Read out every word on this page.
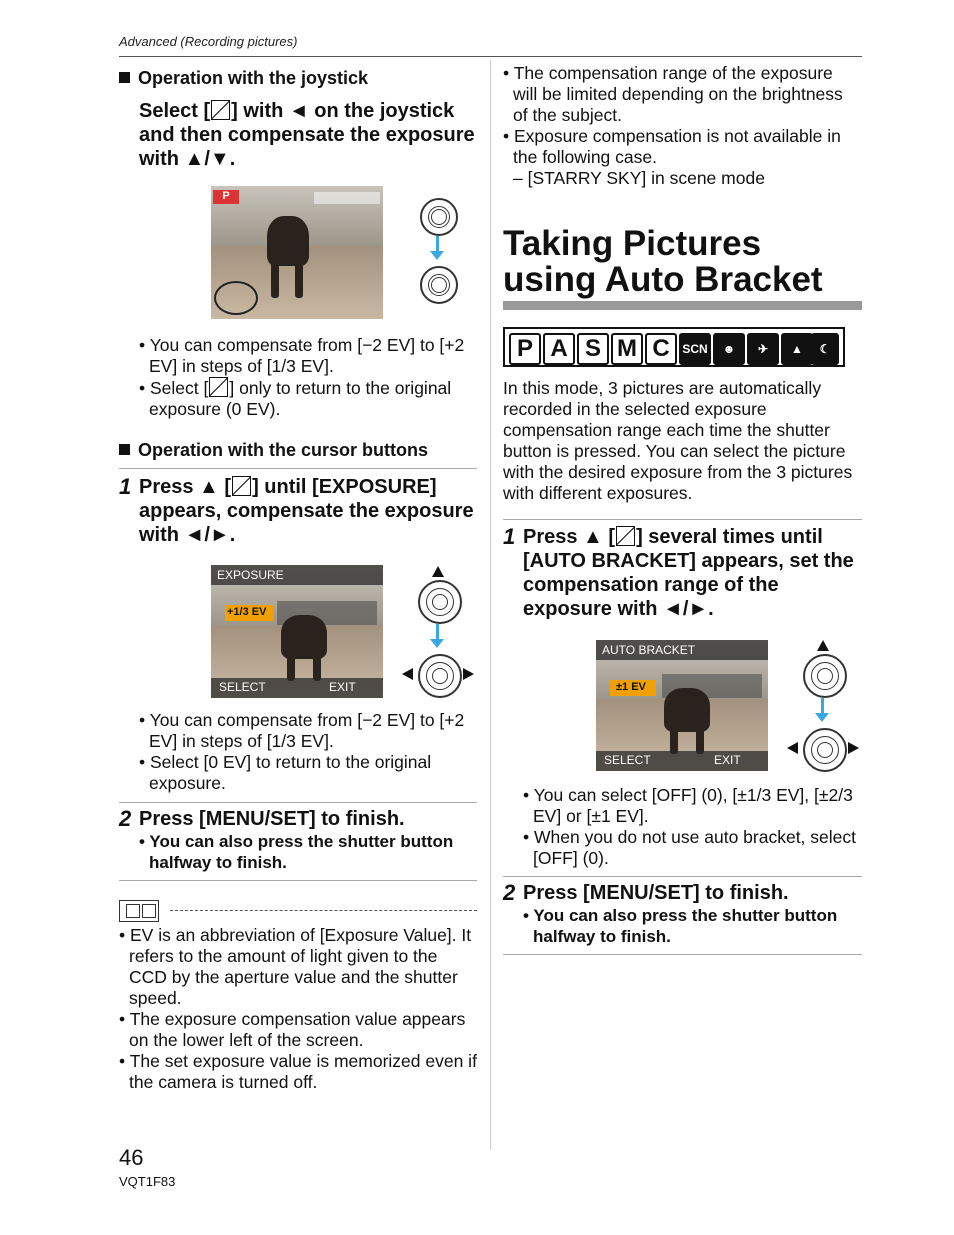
Advanced (Recording pictures)
Operation with the joystick
Select [ ] with ◄ on the joystick and then compensate the exposure with ▲/▼.
P

• You can compensate from [−2 EV] to [+2 EV] in steps of [1/3 EV].

• Select [ ] only to return to the original exposure (0 EV).

Operation with the cursor buttons
1 Press ▲ [ ] until [EXPOSURE] appears, compensate the exposure with ◄/►.
EXPOSURE
+1/3 EV
SELECT	EXIT

• You can compensate from [−2 EV] to [+2 EV] in steps of [1/3 EV].

• Select [0 EV] to return to the original exposure.

2 Press [MENU/SET] to finish.
• You can also press the shutter button halfway to finish.

• EV is an abbreviation of [Exposure Value]. It refers to the amount of light given to the CCD by the aperture value and the shutter speed.

• The exposure compensation value appears on the lower left of the screen.

• The set exposure value is memorized even if the camera is turned off.

• The compensation range of the exposure will be limited depending on the brightness of the subject.

• Exposure compensation is not available in the following case.

– [STARRY SKY] in scene mode

Taking Pictures using Auto Bracket
P A S M C	SCN	☻	✈	▲	☾
In this mode, 3 pictures are automatically recorded in the selected exposure compensation range each time the shutter button is pressed. You can select the picture with the desired exposure from the 3 pictures with different exposures.
1 Press ▲ [ ] several times until [AUTO BRACKET] appears, set the compensation range of the exposure with ◄/►.
AUTO BRACKET
±1 EV
SELECT	EXIT

• You can select [OFF] (0), [±1/3 EV], [±2/3 EV] or [±1 EV].

• When you do not use auto bracket, select [OFF] (0).

2 Press [MENU/SET] to finish.
• You can also press the shutter button halfway to finish.
46
VQT1F83
